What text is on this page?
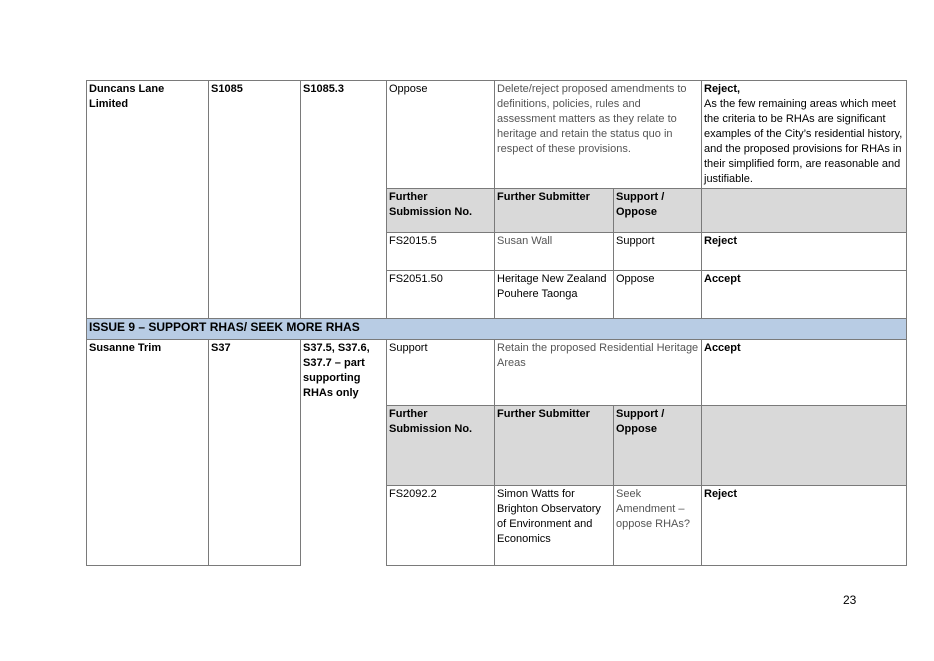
Duncans Lane Limited	S1085	S1085.3	Oppose	Delete/reject proposed amendments to definitions, policies, rules and assessment matters as they relate to heritage and retain the status quo in respect of these provisions.		Reject,
As the few remaining areas which meet the criteria to be RHAs are significant examples of the City’s residential history, and the proposed provisions for RHAs in their simplified form, are reasonable and justifiable.

			Further Submission No.	Further Submitter	Support / Oppose	
			FS2015.5	Susan Wall	Support	Reject
			FS2051.50	Heritage New Zealand Pouhere Taonga	Oppose	Accept
ISSUE 9 – SUPPORT RHAS/ SEEK MORE RHAS						
Susanne Trim	S37	S37.5, S37.6, S37.7 – part supporting RHAs only	Support	Retain the proposed Residential Heritage Areas		Accept
			Further Submission No.	Further Submitter	Support / Oppose	
			FS2092.2	Simon Watts for Brighton Observatory of Environment and Economics	Seek Amendment – oppose RHAs?	Reject
23
